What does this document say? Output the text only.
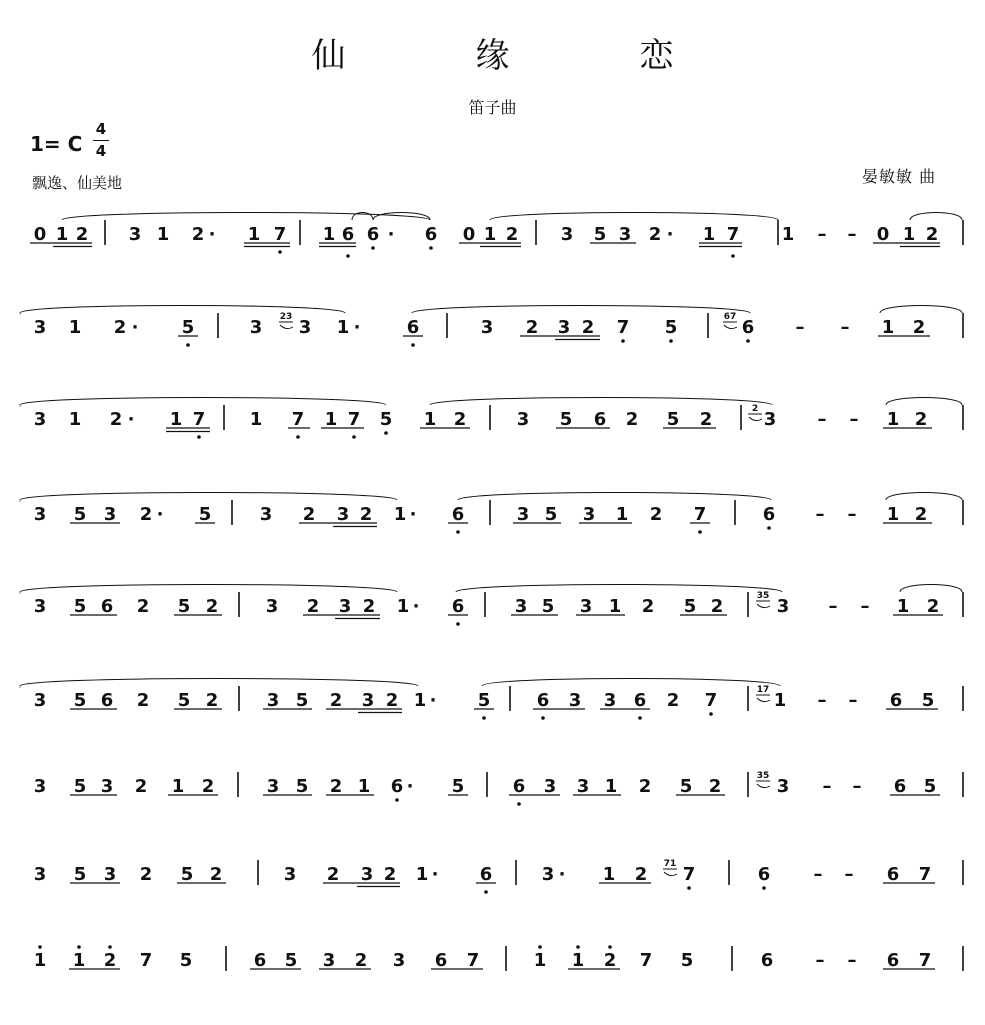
仙　缘　恋
笛子曲
1= C
4
4
飘逸、仙美地	晏敏敏 曲
0 1 2 3 1 2 · 1 7 1 6 6 · 6 0 1 2 3 5 3 2 · 1 7 1 – – 0 1 2
3 1 2 · 5	3 23 3 1 ·	6	3 2 3 2 7 5	67 6 – – 1 2
3 1 2 · 1 7 1 7 1 7 5 1 2	3 5 6 2 5 2	2 3 – – 1 2
3 5 3 2 · 5	3 2 3 2 1 · 6	3 5 3 1 2 7	6 – – 1 2
3 5 6 2 5 2	3 2 3 2 1 · 6	3 5 3 1 2 5 2	35 3 – – 1 2
3 5 6 2 5 2	3 5 2 3 2 1 · 5	6 3 3 6 2 7	17 1 – – 6 5
3 5 3 2 1 2	3 5 2 1 6 · 5	6 3 3 1 2 5 2	35 3 – – 6 5
3 5 3 2 5 2	3 2 3 2 1 · 6	3 · 1 2 71 7	6 – – 6 7
1 1 2 7 5	6 5 3 2 3 6 7	1 1 2 7 5	6 – – 6 7
